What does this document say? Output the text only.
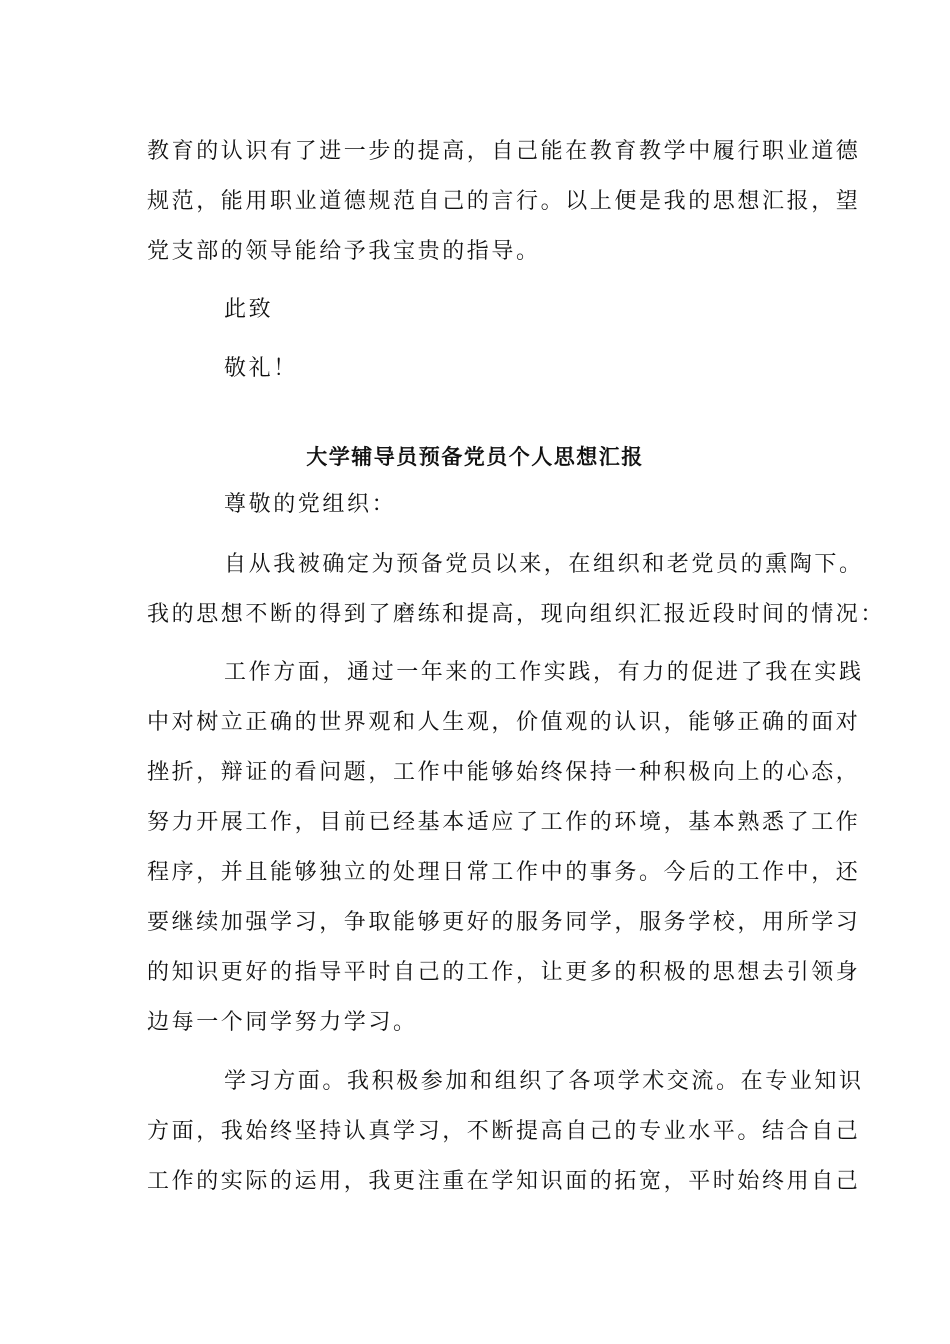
教育的认识有了进一步的提高，自己能在教育教学中履行职业道德
规范，能用职业道德规范自己的言行。以上便是我的思想汇报，望
党支部的领导能给予我宝贵的指导。
此致
敬礼！
大学辅导员预备党员个人思想汇报
尊敬的党组织：
自从我被确定为预备党员以来，在组织和老党员的熏陶下。
我的思想不断的得到了磨练和提高，现向组织汇报近段时间的情况：
工作方面，通过一年来的工作实践，有力的促进了我在实践
中对树立正确的世界观和人生观，价值观的认识，能够正确的面对
挫折，辩证的看问题，工作中能够始终保持一种积极向上的心态，
努力开展工作，目前已经基本适应了工作的环境，基本熟悉了工作
程序，并且能够独立的处理日常工作中的事务。今后的工作中，还
要继续加强学习，争取能够更好的服务同学，服务学校，用所学习
的知识更好的指导平时自己的工作，让更多的积极的思想去引领身
边每一个同学努力学习。
学习方面。我积极参加和组织了各项学术交流。在专业知识
方面，我始终坚持认真学习，不断提高自己的专业水平。结合自己
工作的实际的运用，我更注重在学知识面的拓宽，平时始终用自己
